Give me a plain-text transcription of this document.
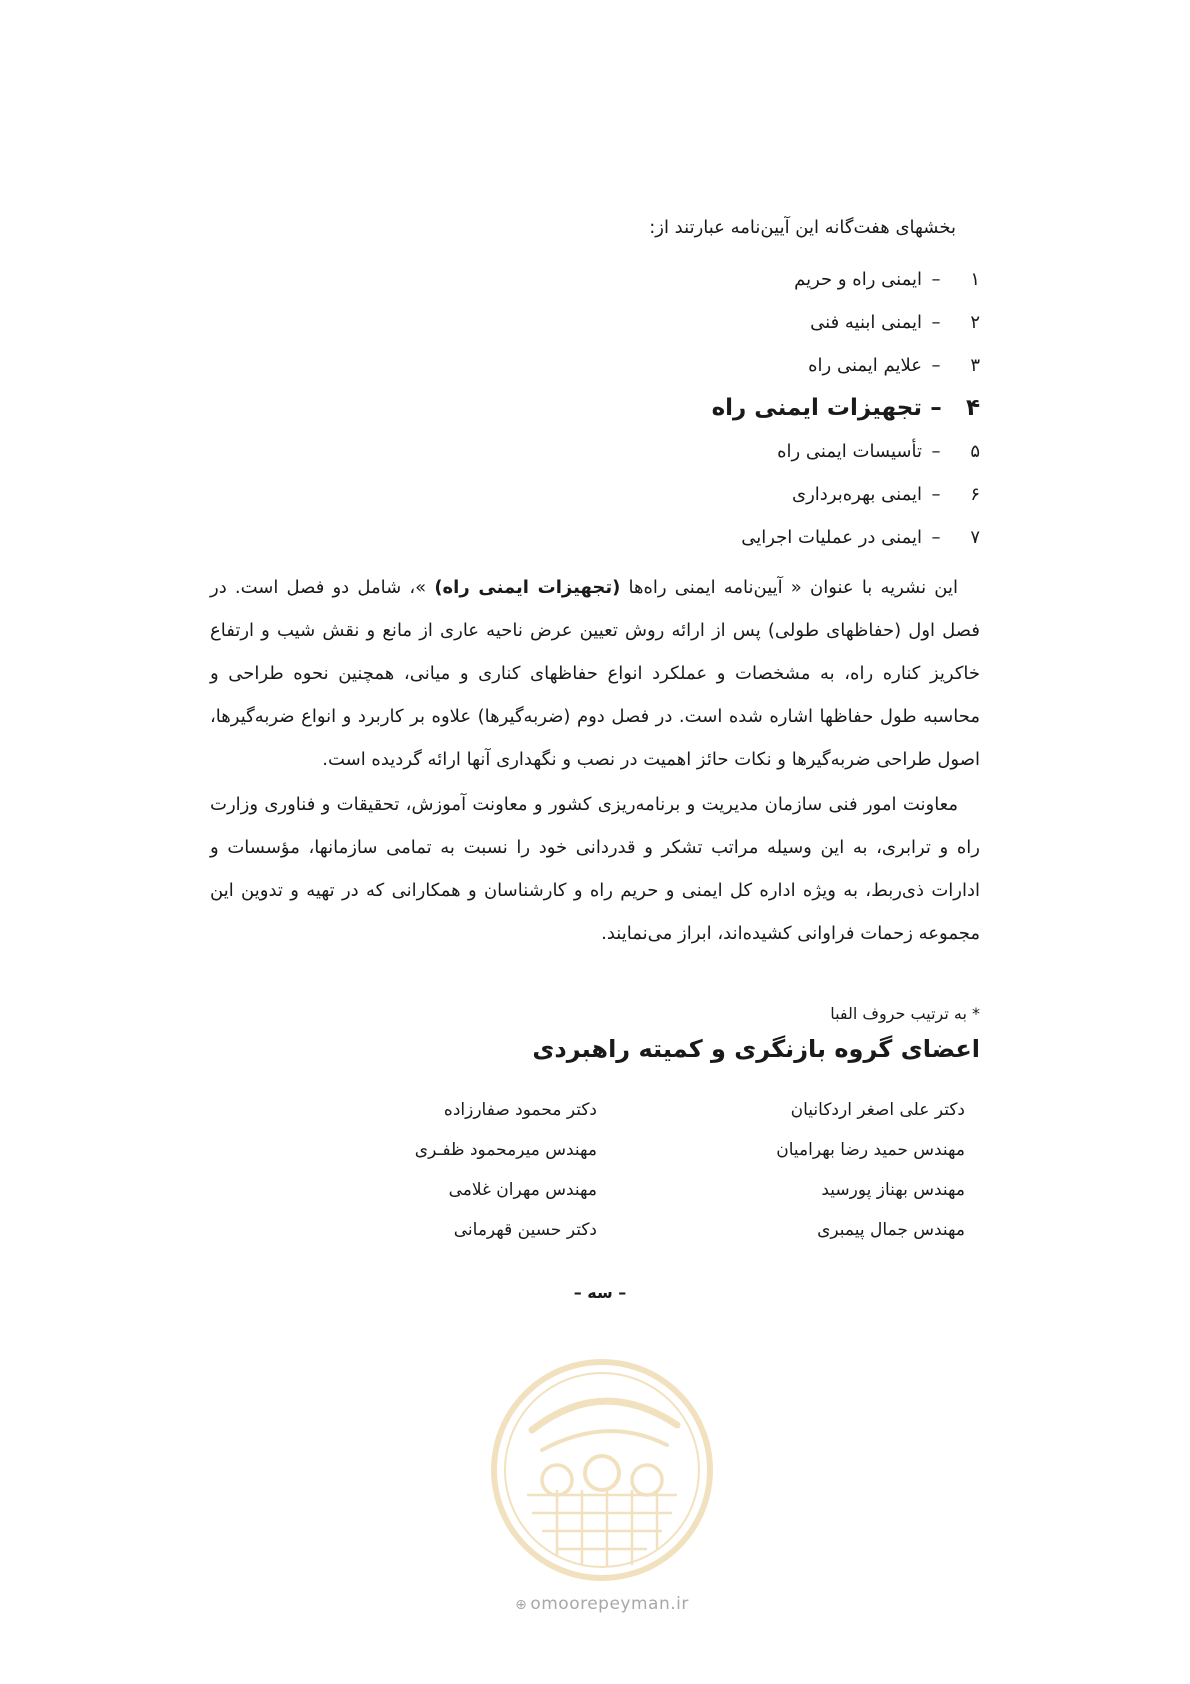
بخشهای هفت‌گانه این آیین‌نامه عبارتند از:
۱
–
ایمنی راه و حریم
۲
–
ایمنی ابنیه فنی
۳
–
علایم ایمنی راه
۴
–
تجهیزات ایمنی راه
۵
–
تأسیسات ایمنی راه
۶
–
ایمنی بهره‌برداری
۷
–
ایمنی در عملیات اجرایی

این نشریه با عنوان « آیین‌نامه ایمنی راه‌ها (تجهیزات ایمنی راه) »، شامل دو فصل است. در فصل اول (حفاظهای طولی) پس از ارائه روش تعیین عرض ناحیه عاری از مانع و نقش شیب و ارتفاع خاکریز کناره راه، به مشخصات و عملکرد انواع حفاظهای کناری و میانی، همچنین نحوه طراحی و محاسبه طول حفاظها اشاره شده است. در فصل دوم (ضربه‌گیرها) علاوه بر کاربرد و انواع ضربه‌گیرها، اصول طراحی ضربه‌گیرها و نکات حائز اهمیت در نصب و نگهداری آنها ارائه گردیده است.

معاونت امور فنی سازمان مدیریت و برنامه‌ریزی کشور و معاونت آموزش، تحقیقات و فناوری وزارت راه و ترابری، به این وسیله مراتب تشکر و قدردانی خود را نسبت به تمامی سازمانها، مؤسسات و ادارات ذی‌ربط، به ویژه اداره کل ایمنی و حریم راه و کارشناسان و همکارانی که در تهیه و تدوین این مجموعه زحمات فراوانی کشیده‌اند، ابراز می‌نمایند.

* به ترتیب حروف الفبا
اعضای گروه بازنگری و کمیته راهبردی
دکتر علی اصغر اردکانیان
مهندس حمید رضا بهرامیان
مهندس بهناز پورسید
مهندس جمال پیمبری
دکتر محمود صفارزاده
مهندس میرمحمود ظفـری
مهندس مهران غلامی
دکتر حسین قهرمانی
– سه –
⊕ omoorepeyman.ir
